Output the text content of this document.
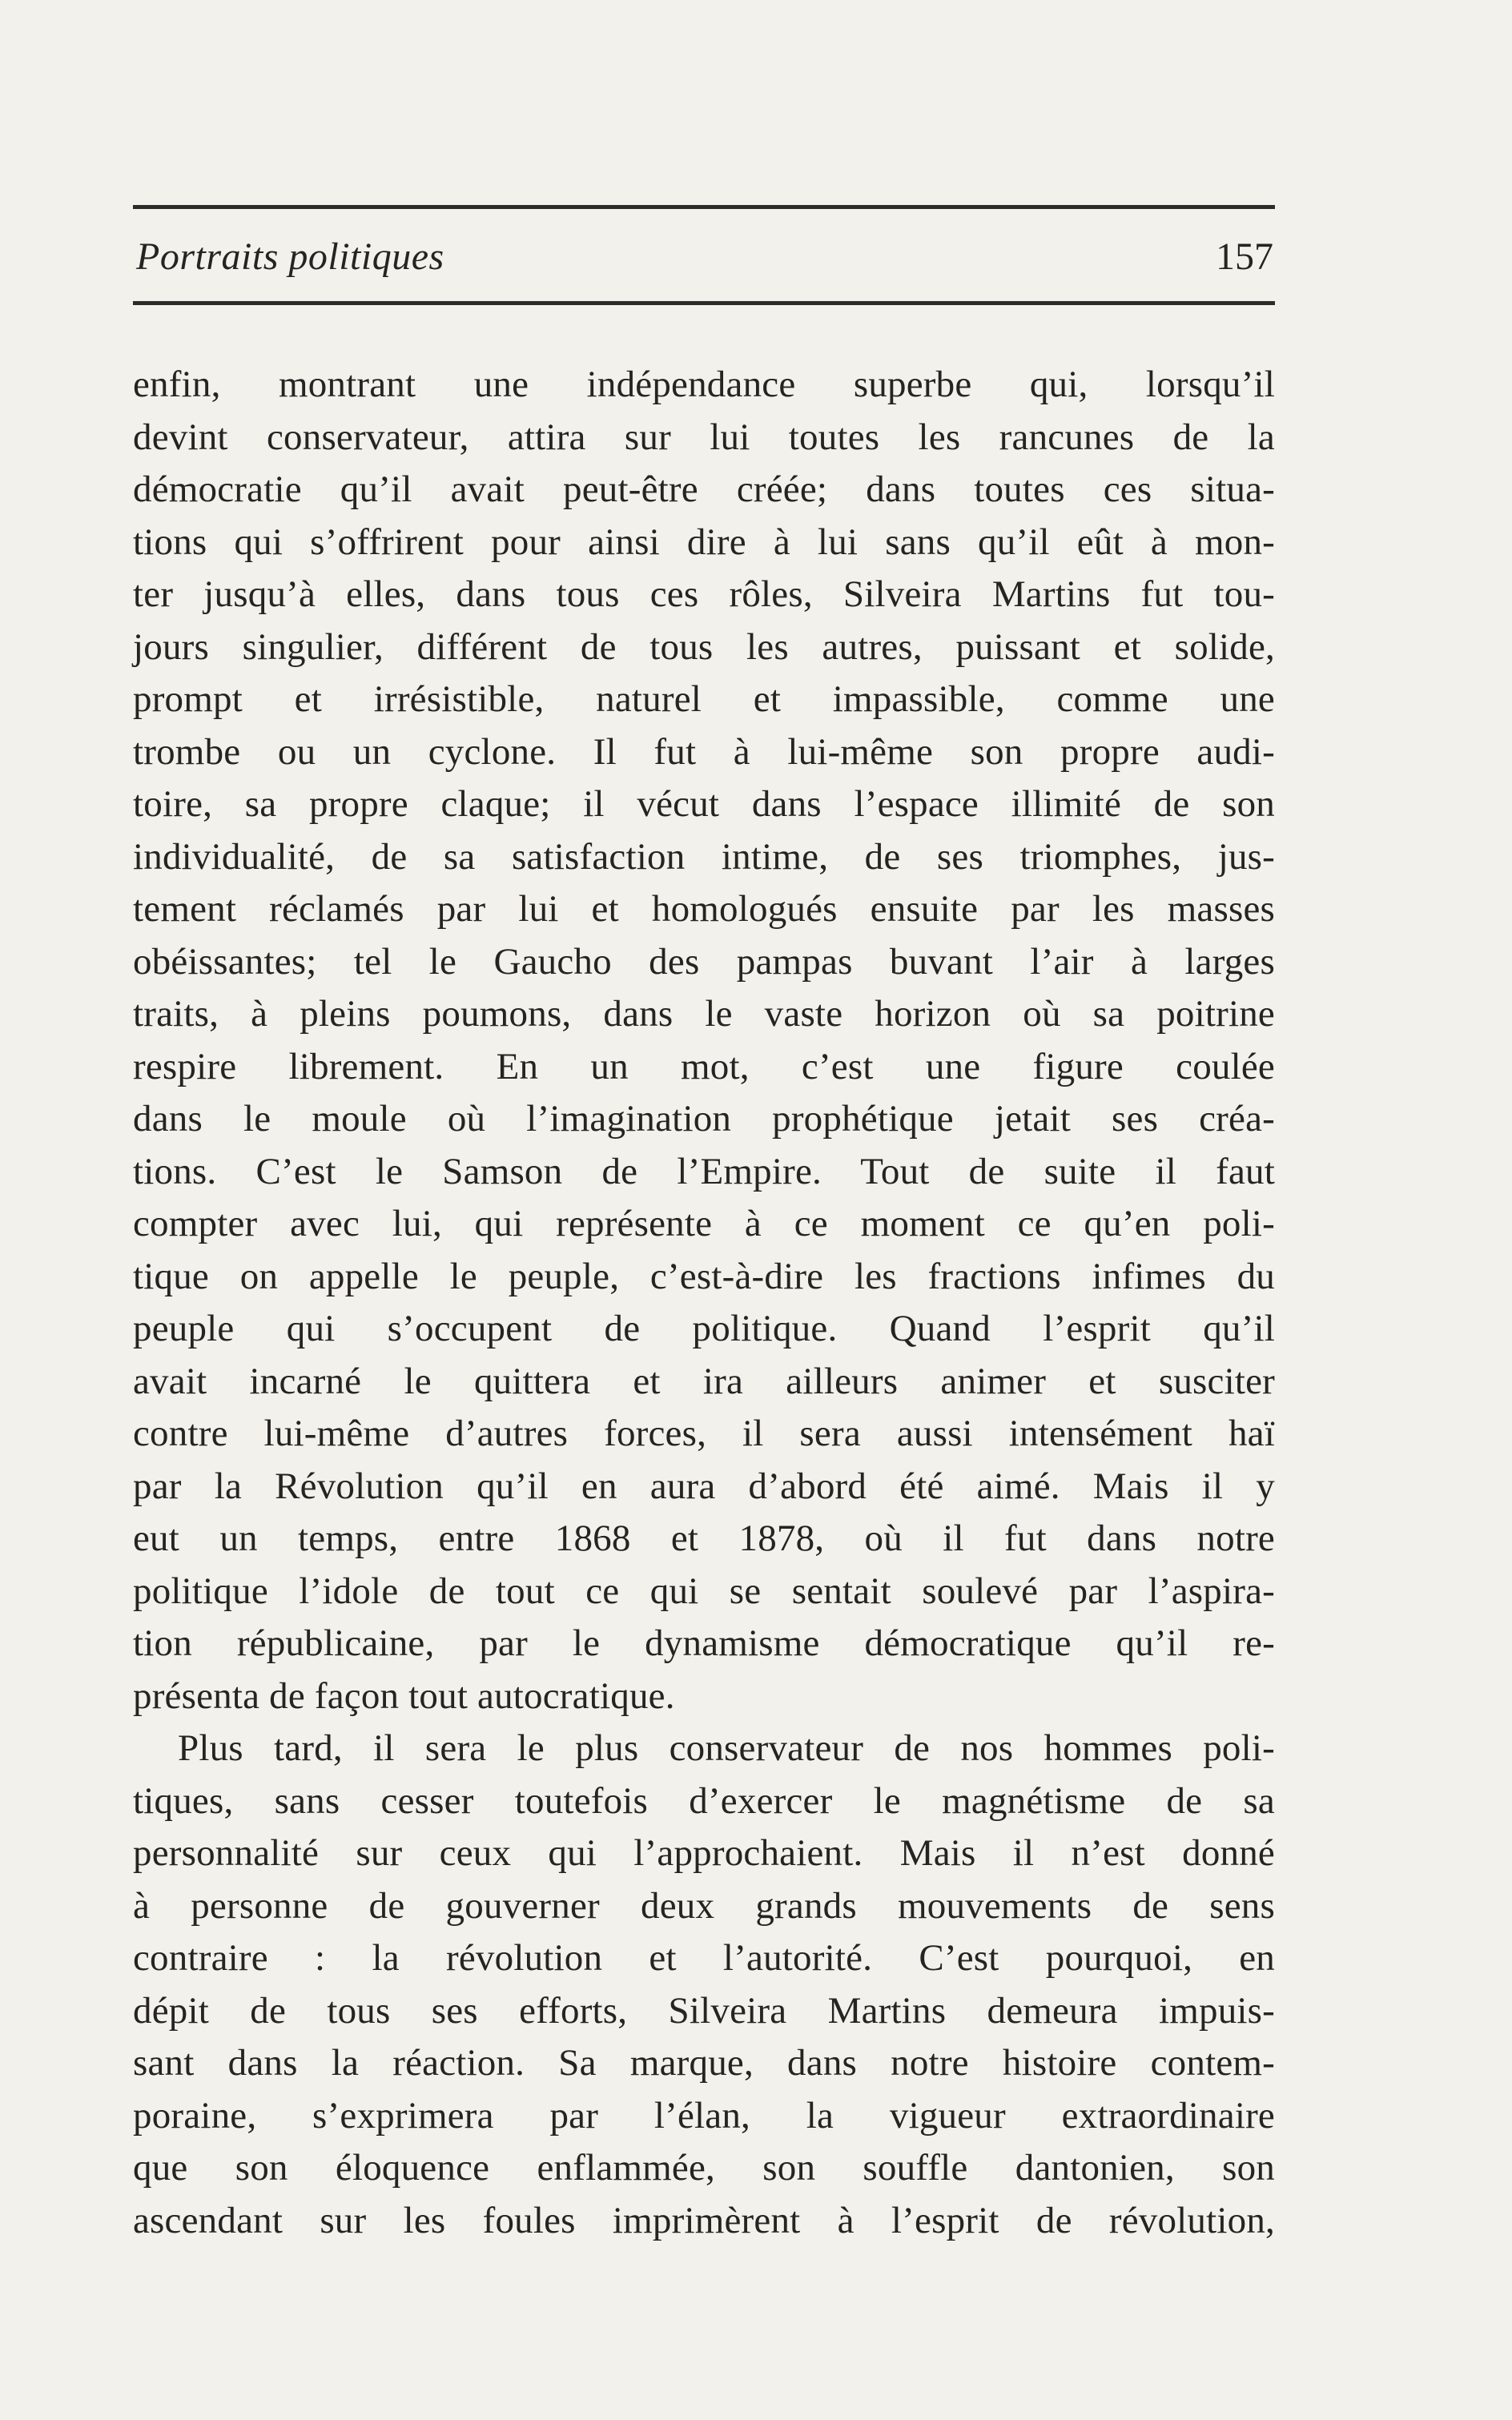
Portraits politiques	157
enfin, montrant une indépendance superbe qui, lorsqu’il
devint conservateur, attira sur lui toutes les rancunes de la
démocratie qu’il avait peut-être créée; dans toutes ces situa-
tions qui s’offrirent pour ainsi dire à lui sans qu’il eût à mon-
ter jusqu’à elles, dans tous ces rôles, Silveira Martins fut tou-
jours singulier, différent de tous les autres, puissant et solide,
prompt et irrésistible, naturel et impassible, comme une
trombe ou un cyclone. Il fut à lui-même son propre audi-
toire, sa propre claque; il vécut dans l’espace illimité de son
individualité, de sa satisfaction intime, de ses triomphes, jus-
tement réclamés par lui et homologués ensuite par les masses
obéissantes; tel le Gaucho des pampas buvant l’air à larges
traits, à pleins poumons, dans le vaste horizon où sa poitrine
respire librement. En un mot, c’est une figure coulée
dans le moule où l’imagination prophétique jetait ses créa-
tions. C’est le Samson de l’Empire. Tout de suite il faut
compter avec lui, qui représente à ce moment ce qu’en poli-
tique on appelle le peuple, c’est-à-dire les fractions infimes du
peuple qui s’occupent de politique. Quand l’esprit qu’il
avait incarné le quittera et ira ailleurs animer et susciter
contre lui-même d’autres forces, il sera aussi intensément haï
par la Révolution qu’il en aura d’abord été aimé. Mais il y
eut un temps, entre 1868 et 1878, où il fut dans notre
politique l’idole de tout ce qui se sentait soulevé par l’aspira-
tion républicaine, par le dynamisme démocratique qu’il re-
présenta de façon tout autocratique.
Plus tard, il sera le plus conservateur de nos hommes poli-
tiques, sans cesser toutefois d’exercer le magnétisme de sa
personnalité sur ceux qui l’approchaient. Mais il n’est donné
à personne de gouverner deux grands mouvements de sens
contraire : la révolution et l’autorité. C’est pourquoi, en
dépit de tous ses efforts, Silveira Martins demeura impuis-
sant dans la réaction. Sa marque, dans notre histoire contem-
poraine, s’exprimera par l’élan, la vigueur extraordinaire
que son éloquence enflammée, son souffle dantonien, son
ascendant sur les foules imprimèrent à l’esprit de révolution,
